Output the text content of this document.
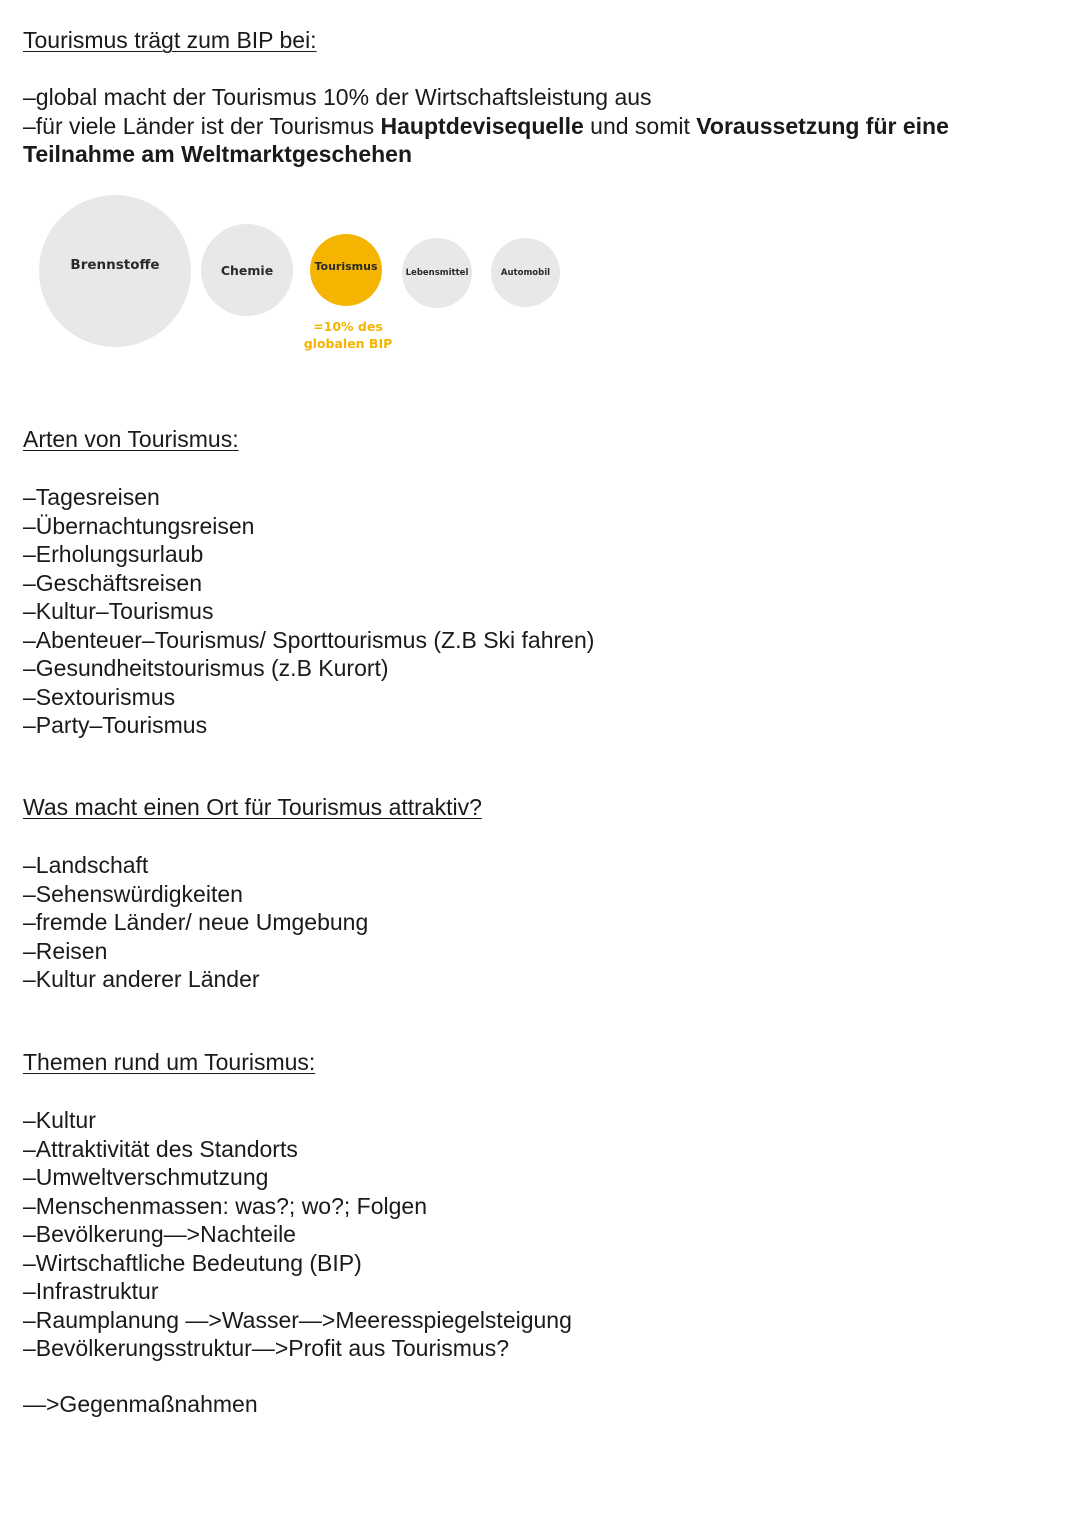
Tourismus trägt zum BIP bei:

–global macht der Tourismus 10% der Wirtschaftsleistung aus
–für viele Länder ist der Tourismus Hauptdevisequelle und somit Voraussetzung für eine Teilnahme am Weltmarktgeschehen

Brennstoffe	Chemie	Tourismus
Lebensmittel	Automobil
=10% des
globalen BIP
Arten von Tourismus:
–Tagesreisen
–Übernachtungsreisen
–Erholungsurlaub
–Geschäftsreisen
–Kultur–Tourismus
–Abenteuer–Tourismus/ Sporttourismus (Z.B Ski fahren)
–Gesundheitstourismus (z.B Kurort)
–Sextourismus
–Party–Tourismus
Was macht einen Ort für Tourismus attraktiv?
–Landschaft
–Sehenswürdigkeiten
–fremde Länder/ neue Umgebung
–Reisen
–Kultur anderer Länder
Themen rund um Tourismus:
–Kultur
–Attraktivität des Standorts
–Umweltverschmutzung
–Menschenmassen: was?; wo?; Folgen
–Bevölkerung—>Nachteile
–Wirtschaftliche Bedeutung (BIP)
–Infrastruktur
–Raumplanung —>Wasser—>Meeresspiegelsteigung
–Bevölkerungsstruktur—>Profit aus Tourismus?

—>Gegenmaßnahmen
